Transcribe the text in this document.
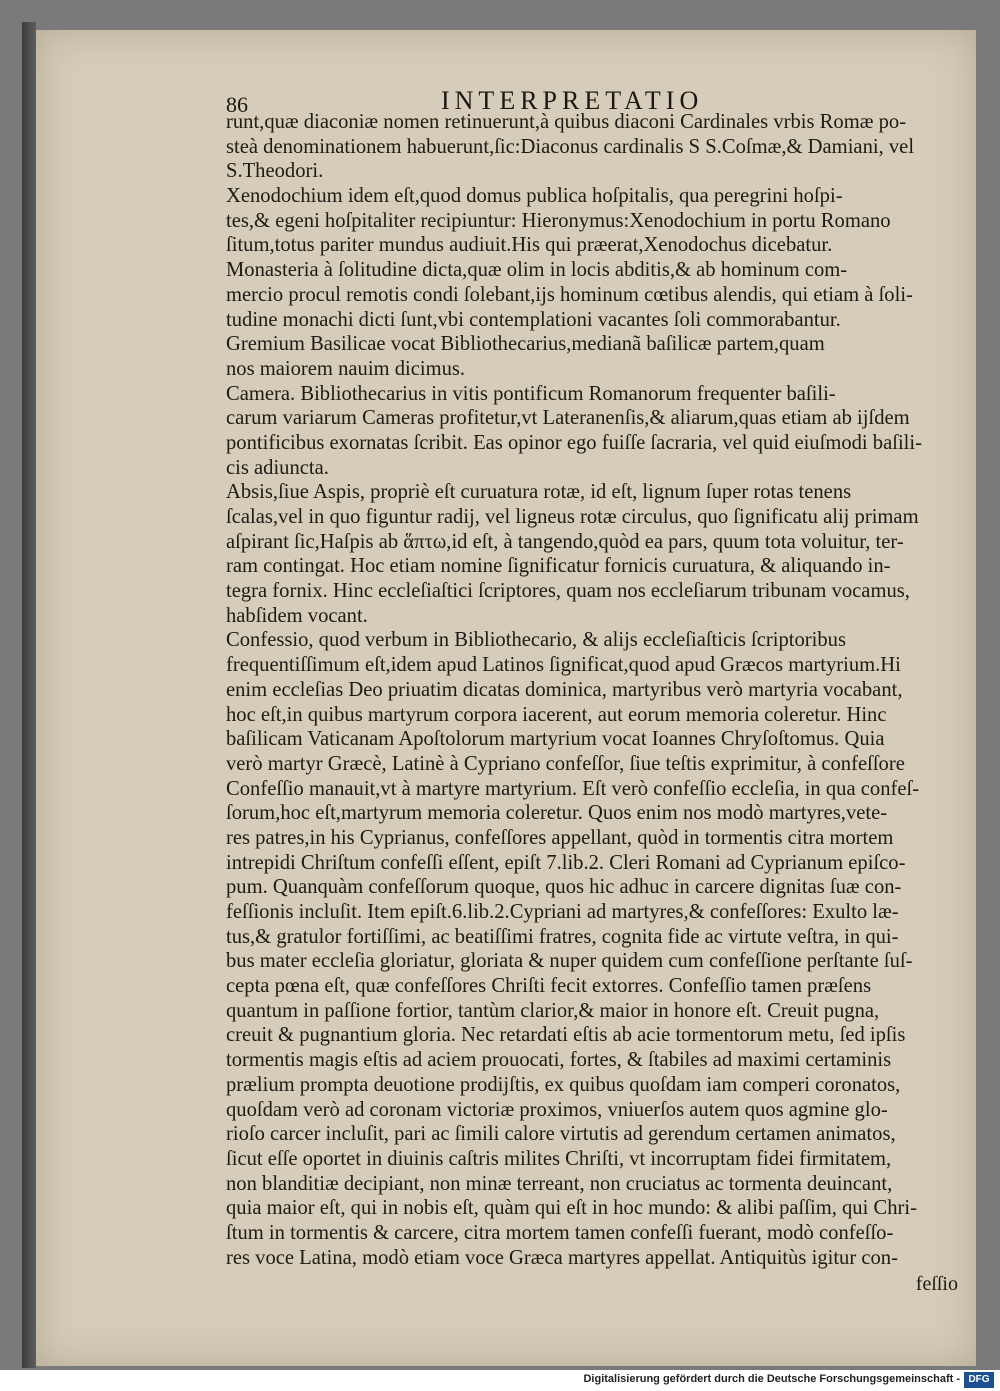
86	INTERPRETATIO
runt,quæ diaconiæ nomen retinuerunt,à quibus diaconi Cardinales vrbis Romæ po-
steà denominationem habuerunt,ſic:Diaconus cardinalis S S.Coſmæ,& Damiani, vel
S.Theodori.
Xenodochium idem eſt,quod domus publica hoſpitalis, qua peregrini hoſpi-
tes,& egeni hoſpitaliter recipiuntur: Hieronymus:Xenodochium in portu Romano
ſitum,totus pariter mundus audiuit.His qui præerat,Xenodochus dicebatur.
Monasteria à ſolitudine dicta,quæ olim in locis abditis,& ab hominum com-
mercio procul remotis condi ſolebant,ijs hominum cœtibus alendis, qui etiam à ſoli-
tudine monachi dicti ſunt,vbi contemplationi vacantes ſoli commorabantur.
Gremium Basilicae vocat Bibliothecarius,medianã baſilicæ partem,quam
nos maiorem nauim dicimus.
Camera. Bibliothecarius in vitis pontificum Romanorum frequenter baſili-
carum variarum Cameras profitetur,vt Lateranenſis,& aliarum,quas etiam ab ijſdem
pontificibus exornatas ſcribit. Eas opinor ego fuiſſe ſacraria, vel quid eiuſmodi baſili-
cis adiuncta.
Absis,ſiue Aspis, propriè eſt curuatura rotæ, id eſt, lignum ſuper rotas tenens
ſcalas,vel in quo figuntur radij, vel ligneus rotæ circulus, quo ſignificatu alij primam
aſpirant ſic,Haſpis ab ἅπτω,id eſt, à tangendo,quòd ea pars, quum tota voluitur, ter-
ram contingat. Hoc etiam nomine ſignificatur fornicis curuatura, & aliquando in-
tegra fornix. Hinc eccleſiaſtici ſcriptores, quam nos eccleſiarum tribunam vocamus,
habſidem vocant.
Confessio, quod verbum in Bibliothecario, & alijs eccleſiaſticis ſcriptoribus
frequentiſſimum eſt,idem apud Latinos ſignificat,quod apud Græcos martyrium.Hi
enim eccleſias Deo priuatim dicatas dominica, martyribus verò martyria vocabant,
hoc eſt,in quibus martyrum corpora iacerent, aut eorum memoria coleretur. Hinc
baſilicam Vaticanam Apoſtolorum martyrium vocat Ioannes Chryſoſtomus. Quia
verò martyr Græcè, Latinè à Cypriano confeſſor, ſiue teſtis exprimitur, à confeſſore
Confeſſio manauit,vt à martyre martyrium. Eſt verò confeſſio eccleſia, in qua confeſ-
ſorum,hoc eſt,martyrum memoria coleretur. Quos enim nos modò martyres,vete-
res patres,in his Cyprianus, confeſſores appellant, quòd in tormentis citra mortem
intrepidi Chriſtum confeſſi eſſent, epiſt 7.lib.2. Cleri Romani ad Cyprianum epiſco-
pum. Quanquàm confeſſorum quoque, quos hic adhuc in carcere dignitas ſuæ con-
feſſionis incluſit. Item epiſt.6.lib.2.Cypriani ad martyres,& confeſſores: Exulto læ-
tus,& gratulor fortiſſimi, ac beatiſſimi fratres, cognita fide ac virtute veſtra, in qui-
bus mater eccleſia gloriatur, gloriata & nuper quidem cum confeſſione perſtante ſuſ-
cepta pœna eſt, quæ confeſſores Chriſti fecit extorres. Confeſſio tamen præſens
quantum in paſſione fortior, tantùm clarior,& maior in honore eſt. Creuit pugna,
creuit & pugnantium gloria. Nec retardati eſtis ab acie tormentorum metu, ſed ipſis
tormentis magis eſtis ad aciem prouocati, fortes, & ſtabiles ad maximi certaminis
prælium prompta deuotione prodijſtis, ex quibus quoſdam iam comperi coronatos,
quoſdam verò ad coronam victoriæ proximos, vniuerſos autem quos agmine glo-
rioſo carcer incluſit, pari ac ſimili calore virtutis ad gerendum certamen animatos,
ſicut eſſe oportet in diuinis caſtris milites Chriſti, vt incorruptam fidei firmitatem,
non blanditiæ decipiant, non minæ terreant, non cruciatus ac tormenta deuincant,
quia maior eſt, qui in nobis eſt, quàm qui eſt in hoc mundo: & alibi paſſim, qui Chri-
ſtum in tormentis & carcere, citra mortem tamen confeſſi fuerant, modò confeſſo-
res voce Latina, modò etiam voce Græca martyres appellat. Antiquitùs igitur con-
feſſio
Digitalisierung gefördert durch die Deutsche Forschungsgemeinschaft - DFG
